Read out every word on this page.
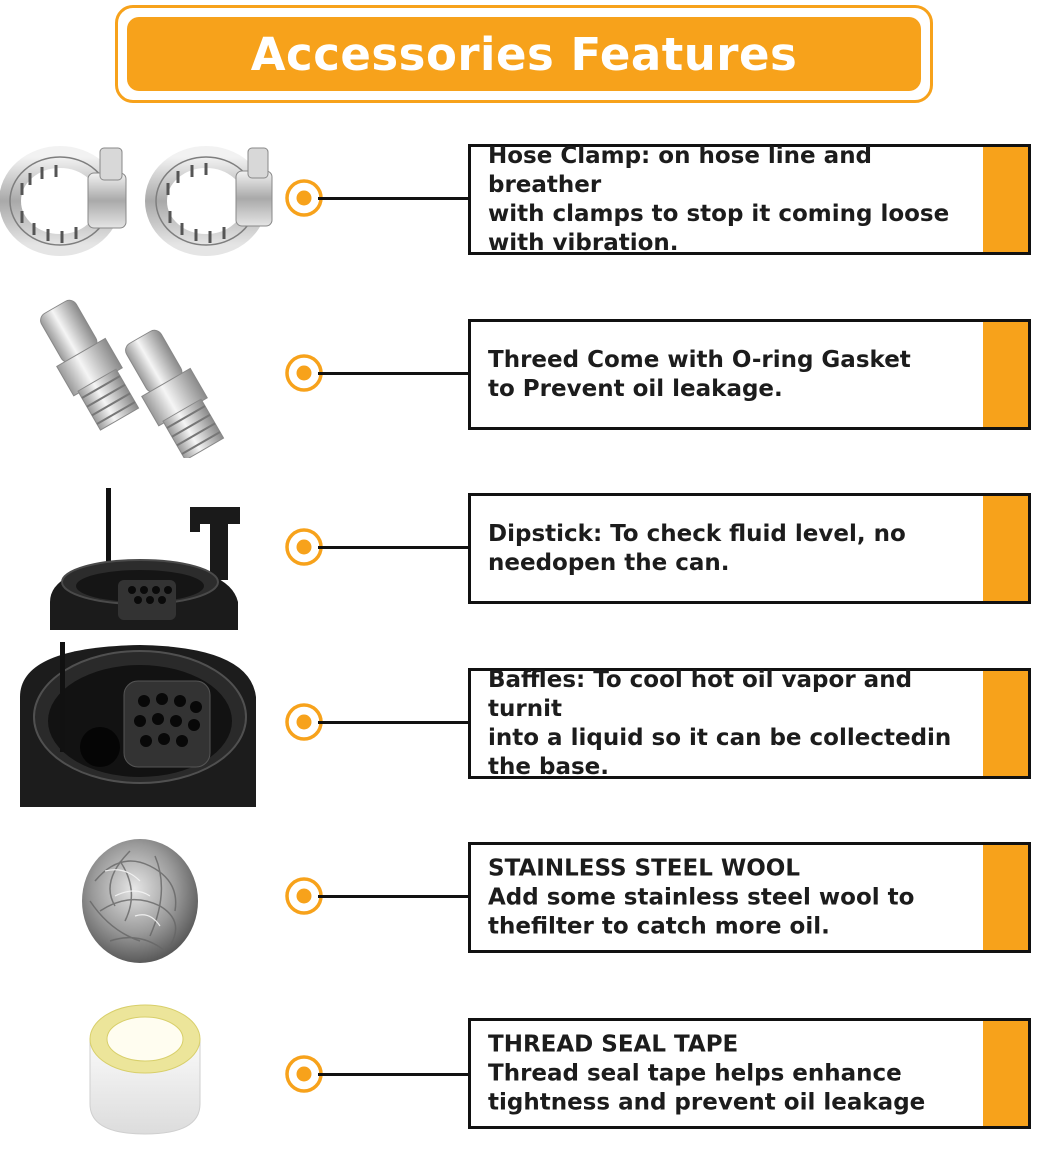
Accessories Features
Hose Clamp: on hose line and breather
with clamps to stop it coming loose
with vibration.
Threed Come with O-ring Gasket
to Prevent oil leakage.
Dipstick: To check fluid level, no
needopen the can.
Baffles: To cool hot oil vapor and turnit
into a liquid so it can be collectedin
the base.
STAINLESS STEEL WOOL
Add some stainless steel wool to
thefilter to catch more oil.
THREAD SEAL TAPE
Thread seal tape helps enhance
tightness and prevent oil leakage
